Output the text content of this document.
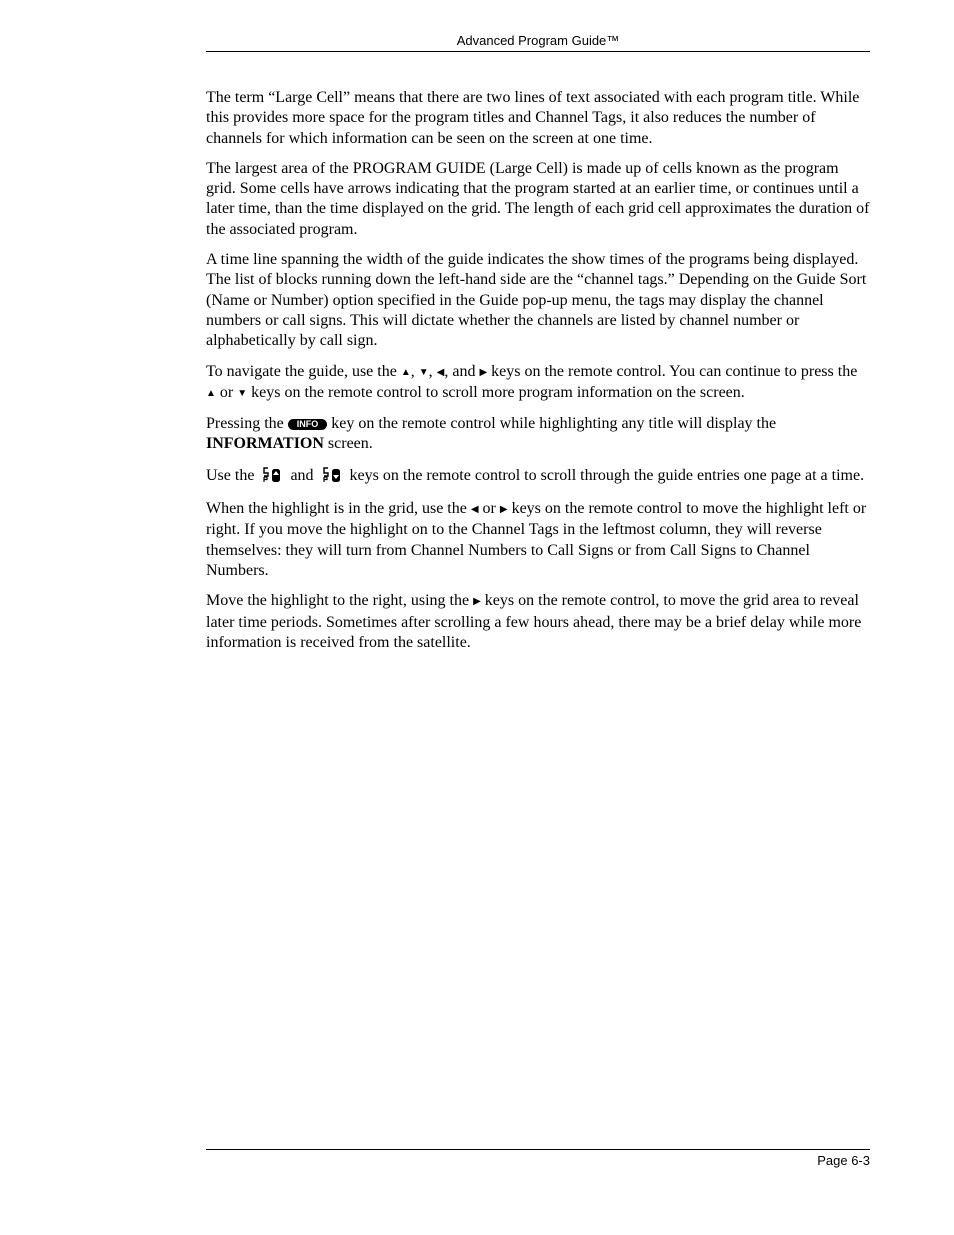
Advanced Program Guide™

The term “Large Cell” means that there are two lines of text associated with each program title. While this provides more space for the program titles and Channel Tags, it also reduces the number of channels for which information can be seen on the screen at one time.

The largest area of the PROGRAM GUIDE (Large Cell) is made up of cells known as the program grid. Some cells have arrows indicating that the program started at an earlier time, or continues until a later time, than the time displayed on the grid. The length of each grid cell approximates the duration of the associated program.

A time line spanning the width of the guide indicates the show times of the programs being displayed. The list of blocks running down the left-hand side are the “channel tags.” Depending on the Guide Sort (Name or Number) option specified in the Guide pop-up menu, the tags may display the channel numbers or call signs. This will dictate whether the channels are listed by channel number or alphabetically by call sign.

To navigate the guide, use the ▲, ▼, ◀, and ▶ keys on the remote control. You can continue to press the ▲ or ▼ keys on the remote control to scroll more program information on the screen.

Pressing the INFO key on the remote control while highlighting any title will display the INFORMATION screen.

Use the  and  keys on the remote control to scroll through the guide entries one page at a time.

When the highlight is in the grid, use the ◀ or ▶ keys on the remote control to move the highlight left or right. If you move the highlight on to the Channel Tags in the leftmost column, they will reverse themselves: they will turn from Channel Numbers to Call Signs or from Call Signs to Channel Numbers.

Move the highlight to the right, using the ▶ keys on the remote control, to move the grid area to reveal later time periods. Sometimes after scrolling a few hours ahead, there may be a brief delay while more information is received from the satellite.

Page 6-3
